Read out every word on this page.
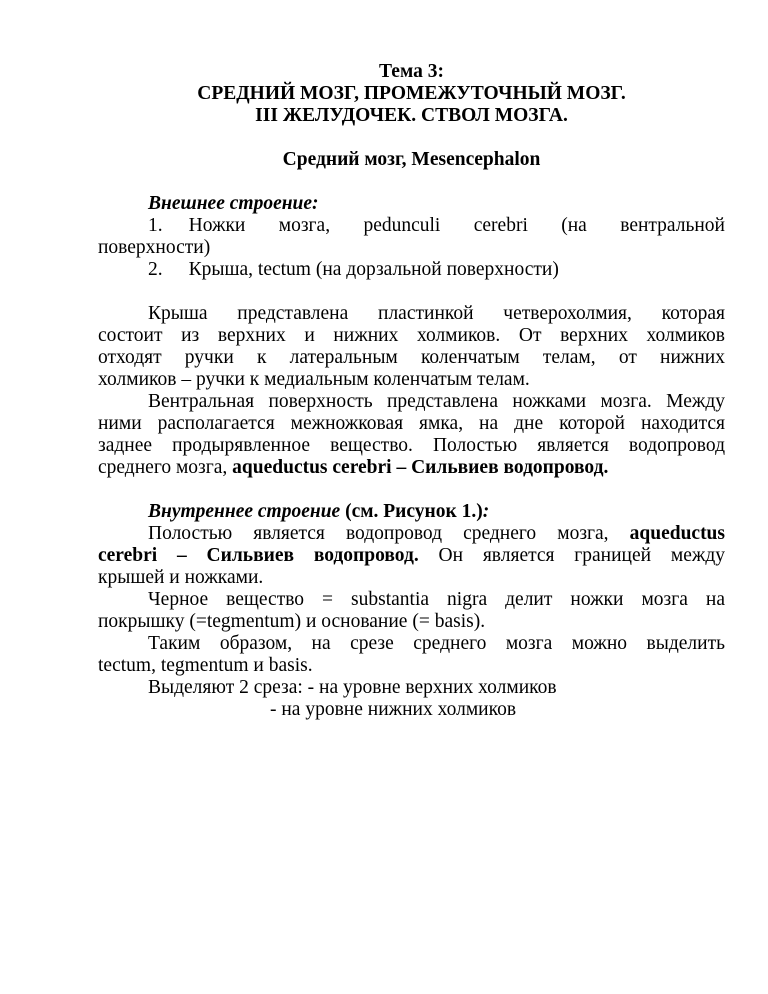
Тема 3:
СРЕДНИЙ МОЗГ, ПРОМЕЖУТОЧНЫЙ МОЗГ.
III ЖЕЛУДОЧЕК. СТВОЛ МОЗГА.
Средний мозг, Mesencephalon
Внешнее строение:
1. Ножки мозга, pedunculi cerebri (на вентральной
поверхности)
2. Крыша, tectum (на дорзальной поверхности)
Крыша представлена пластинкой четверохолмия, которая
состоит из верхних и нижних холмиков. От верхних холмиков
отходят ручки к латеральным коленчатым телам, от нижних
холмиков – ручки к медиальным коленчатым телам.
Вентральная поверхность представлена ножками мозга. Между
ними располагается межножковая ямка, на дне которой находится
заднее продырявленное вещество. Полостью является водопровод
среднего мозга, aqueductus cerebri – Сильвиев водопровод.
Внутреннее строение (см. Рисунок 1.):
Полостью является водопровод среднего мозга, aqueductus
cerebri – Сильвиев водопровод. Он является границей между
крышей и ножками.
Черное вещество = substantia nigra делит ножки мозга на
покрышку (=tegmentum) и основание (= basis).
Таким образом, на срезе среднего мозга можно выделить
tectum, tegmentum и basis.
Выделяют 2 среза: - на уровне верхних холмиков
- на уровне нижних холмиков
